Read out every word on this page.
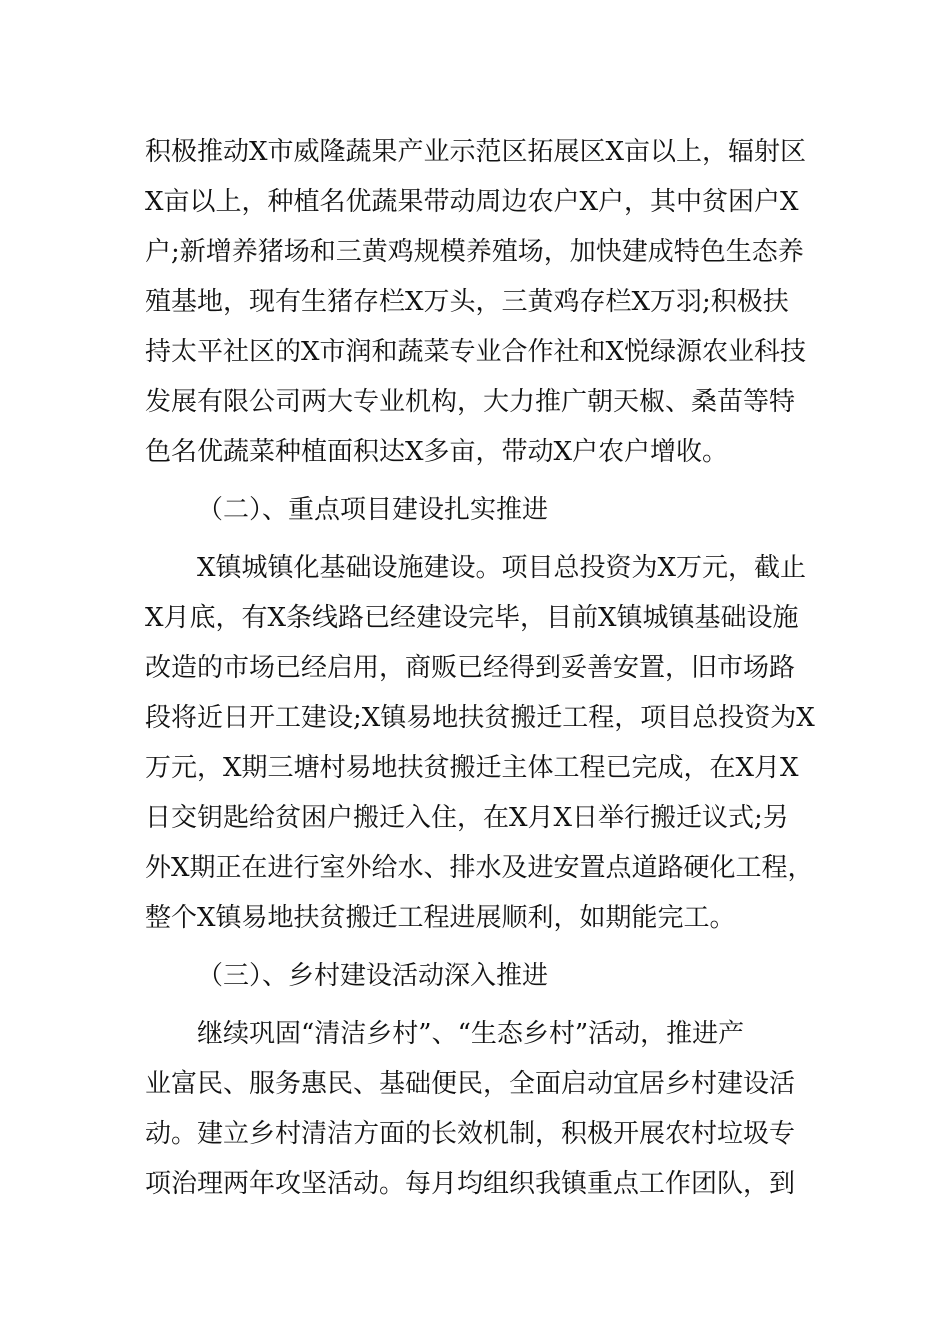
积极推动X市威隆蔬果产业示范区拓展区X亩以上，辐射区
X亩以上，种植名优蔬果带动周边农户X户，其中贫困户X
户;新增养猪场和三黄鸡规模养殖场，加快建成特色生态养
殖基地，现有生猪存栏X万头，三黄鸡存栏X万羽;积极扶
持太平社区的X市润和蔬菜专业合作社和X悦绿源农业科技
发展有限公司两大专业机构，大力推广朝天椒、桑苗等特
色名优蔬菜种植面积达X多亩，带动X户农户增收。
（二）、重点项目建设扎实推进
X镇城镇化基础设施建设。项目总投资为X万元，截止
X月底，有X条线路已经建设完毕，目前X镇城镇基础设施
改造的市场已经启用，商贩已经得到妥善安置，旧市场路
段将近日开工建设;X镇易地扶贫搬迁工程，项目总投资为X
万元，X期三塘村易地扶贫搬迁主体工程已完成，在X月X
日交钥匙给贫困户搬迁入住，在X月X日举行搬迁议式;另
外X期正在进行室外给水、排水及进安置点道路硬化工程，
整个X镇易地扶贫搬迁工程进展顺利，如期能完工。
（三）、乡村建设活动深入推进
继续巩固“清洁乡村”、“生态乡村”活动，推进产
业富民、服务惠民、基础便民，全面启动宜居乡村建设活
动。建立乡村清洁方面的长效机制，积极开展农村垃圾专
项治理两年攻坚活动。每月均组织我镇重点工作团队，到
